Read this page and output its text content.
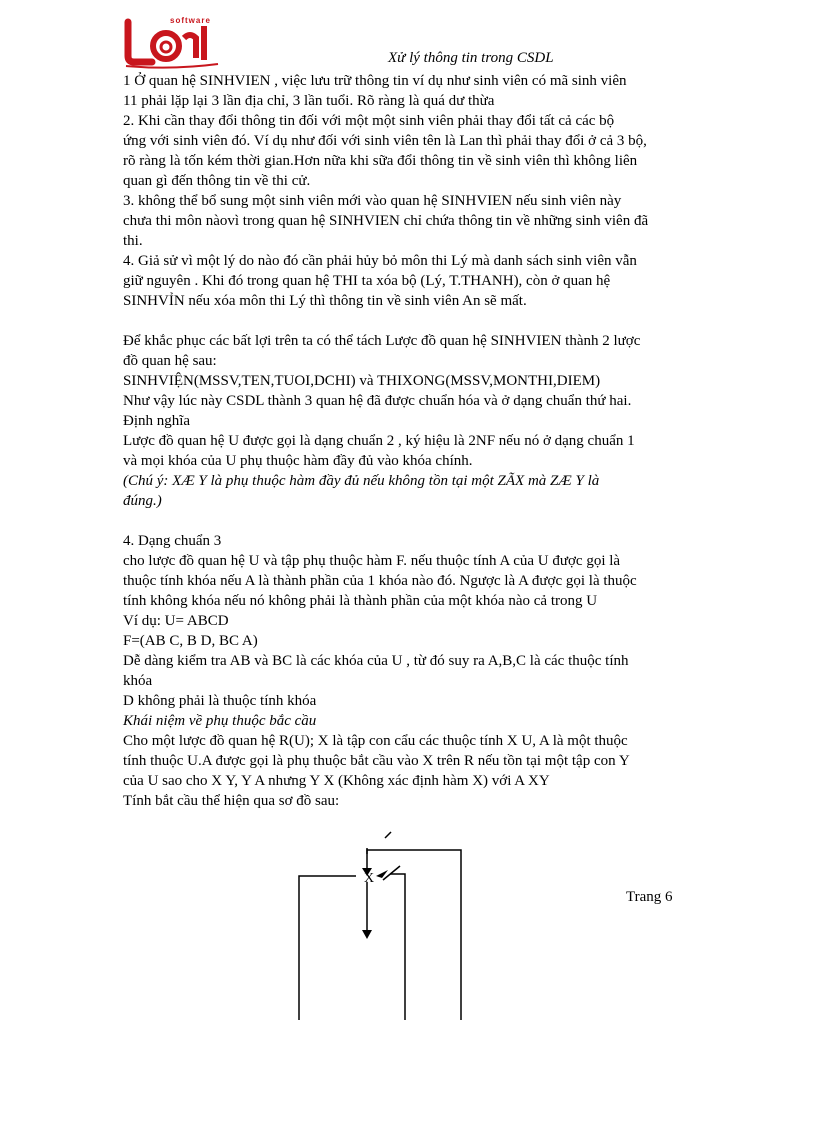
software
Xử lý thông tin trong CSDL

1 Ở quan hệ SINHVIEN , việc lưu trữ thông tin ví dụ như sinh viên có mã sinh viên

11 phải lặp lại 3 lần địa chỉ, 3 lần tuổi. Rõ ràng là quá dư thừa

2. Khi cần thay đổi thông tin đối với một một sinh viên phải thay đổi tất cả các bộ

ứng với sinh viên đó. Ví dụ như đối với sinh viên tên là Lan thì phải thay đổi ở cả 3 bộ,

rõ ràng là tốn kém thời gian.Hơn nữa khi sữa đổi thông tin về sinh viên thì không liên

quan gì đến thông tin về thi cử.

3. không thể bổ sung một sinh viên mới vào quan hệ SINHVIEN nếu sinh viên này

chưa thi môn nàovì trong quan hệ SINHVIEN chỉ chứa thông tin về những sinh viên đã

thi.

4. Giả sử vì một lý do nào đó cần phải hủy bỏ môn thi Lý mà danh sách sinh viên vẫn

giữ nguyên . Khi đó trong quan hệ THI ta xóa bộ (Lý, T.THANH), còn ở quan hệ

SINHVỈN nếu xóa môn thi Lý thì thông tin về sinh viên An sẽ mất.

Để khắc phục các bất lợi trên ta có thể tách Lược đồ quan hệ SINHVIEN thành 2 lược

đồ quan hệ sau:

SINHVIỆN(MSSV,TEN,TUOI,DCHI) và THIXONG(MSSV,MONTHI,DIEM)

Như vậy lúc này CSDL thành 3 quan hệ đã được chuẩn hóa và ở dạng chuẩn thứ hai.

Định nghĩa

Lược đồ quan hệ U được gọi là dạng chuẩn 2 , ký hiệu là 2NF nếu nó ở dạng chuẩn 1

và mọi khóa của U phụ thuộc hàm đầy đủ vào khóa chính.

(Chú ý: XÆ Y là phụ thuộc hàm đầy đủ nếu không tồn tại một ZÃX mà ZÆ Y là

đúng.)

4. Dạng chuẩn 3

cho lược đồ quan hệ U và tập phụ thuộc hàm F. nếu thuộc tính A của U được gọi là

thuộc tính khóa nếu A là thành phần của 1 khóa nào đó. Ngược là A được gọi là thuộc

tính không khóa nếu nó không phải là thành phần của một khóa nào cả trong U

Ví dụ: U= ABCD

F=(AB C, B D, BC A)

Dễ dàng kiểm tra AB và BC là các khóa của U , từ đó suy ra A,B,C là các thuộc tính

khóa

D không phải là thuộc tính khóa

Khái niệm về phụ thuộc bắc cầu

Cho một lược đồ quan hệ R(U); X là tập con cẩu các thuộc tính X U, A là một thuộc

tính thuộc U.A được gọi là phụ thuộc bắt cầu vào X trên R nếu tồn tại một tập con Y

của U sao cho X Y, Y A nhưng Y X (Không xác định hàm X) với A XY

Tính bắt cầu thể hiện qua sơ đồ sau:

X
Trang 6
